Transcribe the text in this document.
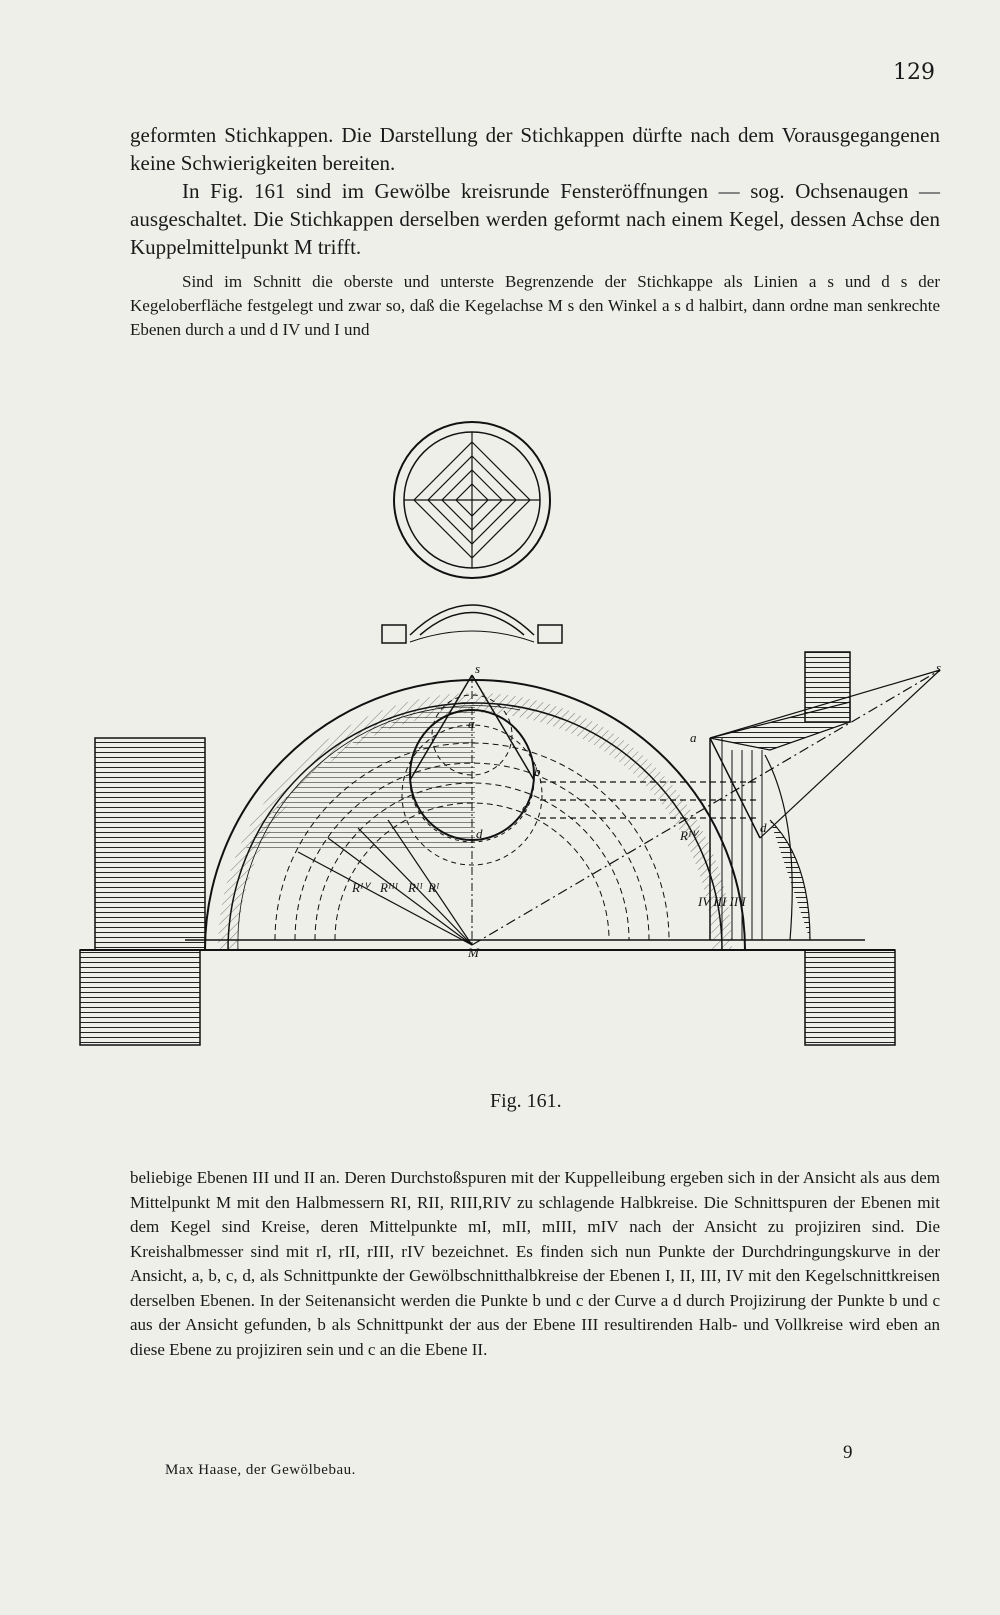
129

geformten Stichkappen. Die Darstellung der Stichkappen dürfte nach dem Vorausgegangenen keine Schwierigkeiten bereiten.

In Fig. 161 sind im Gewölbe kreisrunde Fensteröffnungen — sog. Ochsenaugen — ausgeschaltet. Die Stichkappen derselben werden geformt nach einem Kegel, dessen Achse den Kuppelmittelpunkt M trifft.

Sind im Schnitt die oberste und unterste Begrenzende der Stichkappe als Linien a s und d s der Kegeloberfläche festgelegt und zwar so, daß die Kegelachse M s den Winkel a s d halbirt, dann ordne man senkrechte Ebenen durch a und d IV und I und

s	s
a
b
c
d
M
a
d
Rᴵⱽ Rᴵᴵᴵ Rᴵᴵ Rᴵ
Rᴵⱽ
IV III II I
Fig. 161.

beliebige Ebenen III und II an. Deren Durchstoßspuren mit der Kuppelleibung ergeben sich in der Ansicht als aus dem Mittelpunkt M mit den Halbmessern RI, RII, RIII,RIV zu schlagende Halbkreise. Die Schnittspuren der Ebenen mit dem Kegel sind Kreise, deren Mittelpunkte mI, mII, mIII, mIV nach der Ansicht zu projiziren sind. Die Kreishalbmesser sind mit rI, rII, rIII, rIV bezeichnet. Es finden sich nun Punkte der Durchdringungskurve in der Ansicht, a, b, c, d, als Schnittpunkte der Gewölbschnitthalbkreise der Ebenen I, II, III, IV mit den Kegelschnittkreisen derselben Ebenen. In der Seitenansicht werden die Punkte b und c der Curve a d durch Projizirung der Punkte b und c aus der Ansicht gefunden, b als Schnittpunkt der aus der Ebene III resultirenden Halb- und Vollkreise wird eben an diese Ebene zu projiziren sein und c an die Ebene II.

9
Max Haase, der Gewölbebau.
